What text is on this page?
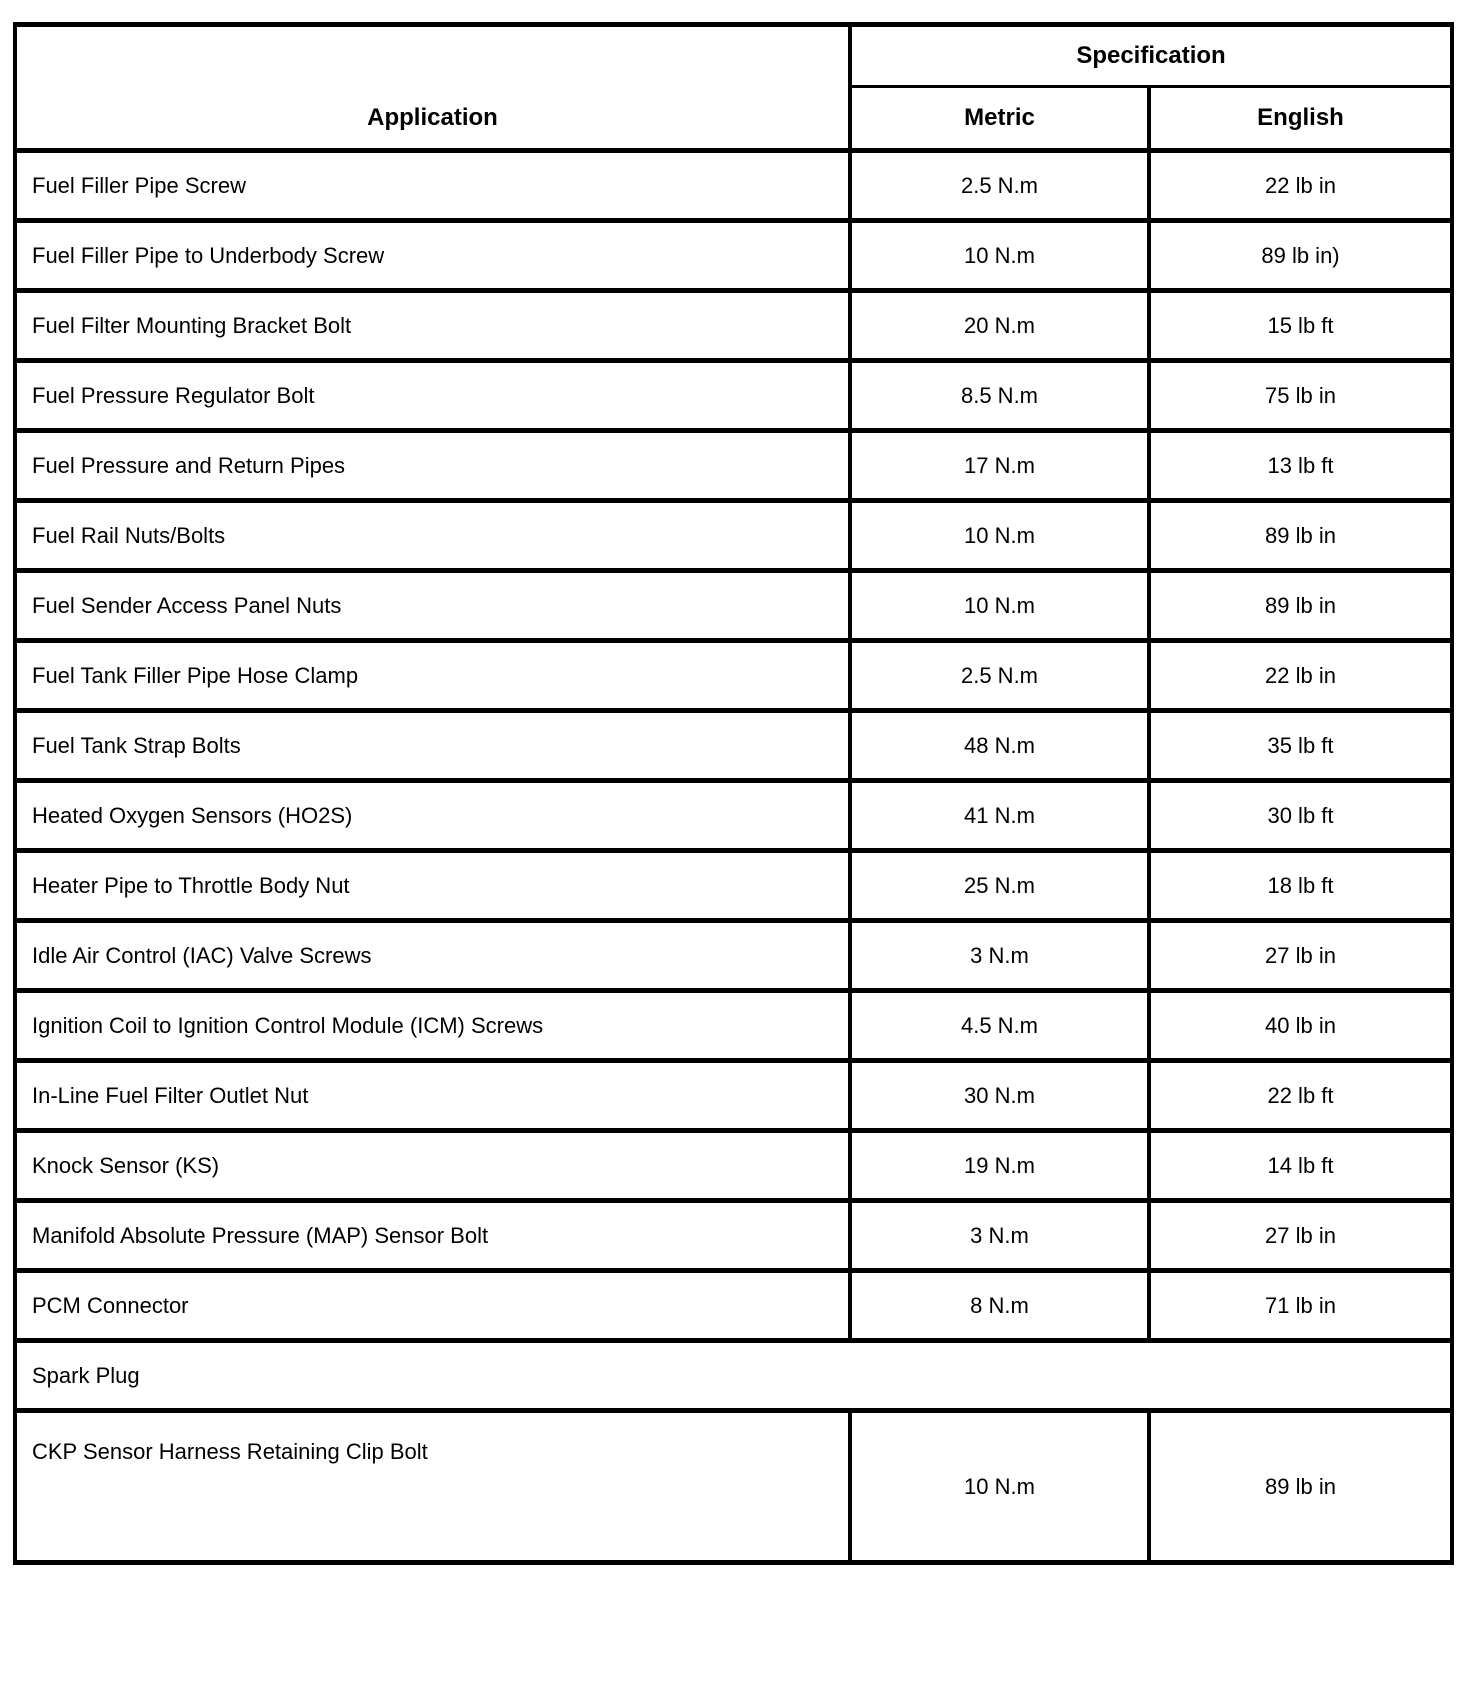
Application	Specification	
	Metric	English
Fuel Filler Pipe Screw	2.5 N.m	22 lb in
Fuel Filler Pipe to Underbody Screw	10 N.m	89 lb in)
Fuel Filter Mounting Bracket Bolt	20 N.m	15 lb ft
Fuel Pressure Regulator Bolt	8.5 N.m	75 lb in
Fuel Pressure and Return Pipes	17 N.m	13 lb ft
Fuel Rail Nuts/Bolts	10 N.m	89 lb in
Fuel Sender Access Panel Nuts	10 N.m	89 lb in
Fuel Tank Filler Pipe Hose Clamp	2.5 N.m	22 lb in
Fuel Tank Strap Bolts	48 N.m	35 lb ft
Heated Oxygen Sensors (HO2S)	41 N.m	30 lb ft
Heater Pipe to Throttle Body Nut	25 N.m	18 lb ft
Idle Air Control (IAC) Valve Screws	3 N.m	27 lb in
Ignition Coil to Ignition Control Module (ICM) Screws	4.5 N.m	40 lb in
In-Line Fuel Filter Outlet Nut	30 N.m	22 lb ft
Knock Sensor (KS)	19 N.m	14 lb ft
Manifold Absolute Pressure (MAP) Sensor Bolt	3 N.m	27 lb in
PCM Connector	8 N.m	71 lb in
Spark Plug		
CKP Sensor Harness Retaining Clip Bolt	10 N.m	89 lb in
